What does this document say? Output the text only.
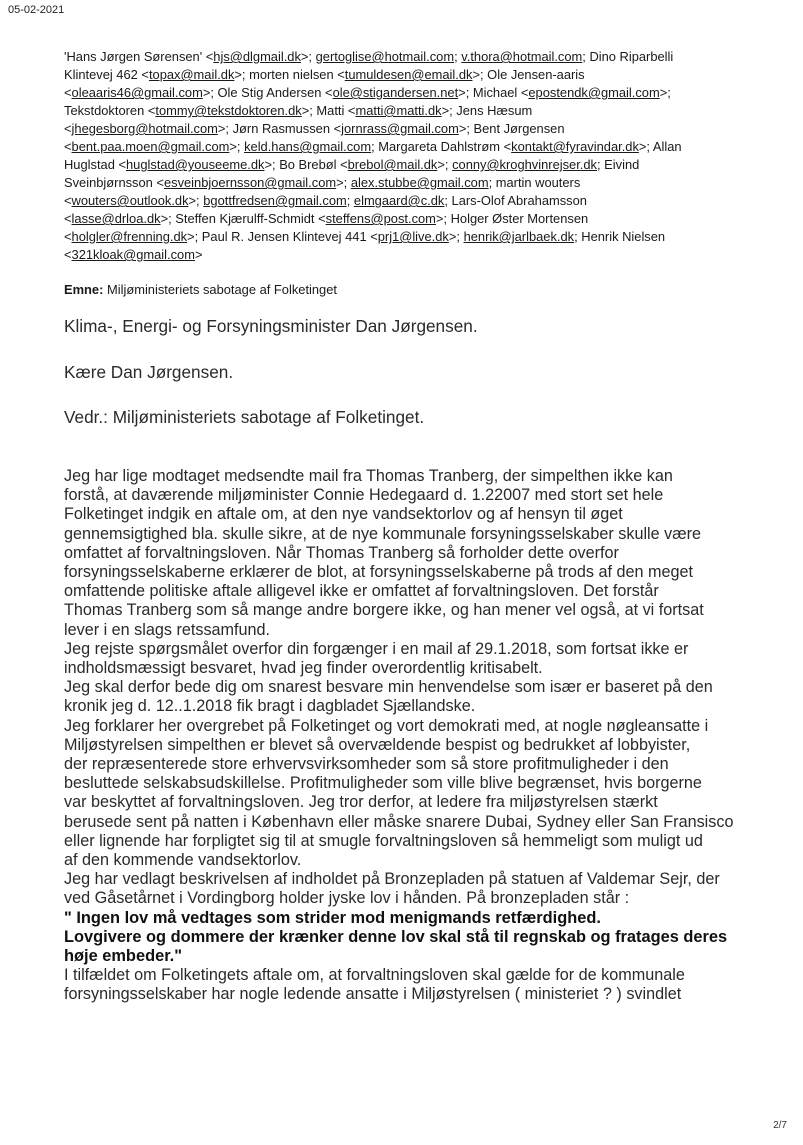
05-02-2021
'Hans Jørgen Sørensen' <hjs@dlgmail.dk>; gertoglise@hotmail.com; v.thora@hotmail.com; Dino Riparbelli
Klintevej 462 <topax@mail.dk>; morten nielsen <tumuldesen@email.dk>; Ole Jensen-aaris
<oleaaris46@gmail.com>; Ole Stig Andersen <ole@stigandersen.net>; Michael <epostendk@gmail.com>;
Tekstdoktoren <tommy@tekstdoktoren.dk>; Matti <matti@matti.dk>; Jens Hæsum
<jhegesborg@hotmail.com>; Jørn Rasmussen <jornrass@gmail.com>; Bent Jørgensen
<bent.paa.moen@gmail.com>; keld.hans@gmail.com; Margareta Dahlstrøm <kontakt@fyravindar.dk>; Allan
Huglstad <huglstad@youseeme.dk>; Bo Brebøl <brebol@mail.dk>; conny@kroghvinrejser.dk; Eivind
Sveinbjørnsson <esveinbjoernsson@gmail.com>; alex.stubbe@gmail.com; martin wouters
<wouters@outlook.dk>; bgottfredsen@gmail.com; elmgaard@c.dk; Lars-Olof Abrahamsson
<lasse@drloa.dk>; Steffen Kjærulff-Schmidt <steffens@post.com>; Holger Øster Mortensen
<holgler@frenning.dk>; Paul R. Jensen Klintevej 441 <prj1@live.dk>; henrik@jarlbaek.dk; Henrik Nielsen
<321kloak@gmail.com>
Emne: Miljøministeriets sabotage af Folketinget
Klima-, Energi- og Forsyningsminister Dan Jørgensen.
Kære Dan Jørgensen.
Vedr.: Miljøministeriets sabotage af Folketinget.
Jeg har lige modtaget medsendte mail fra Thomas Tranberg, der simpelthen ikke kan
forstå, at daværende miljøminister Connie Hedegaard d. 1.22007 med stort set hele
Folketinget indgik en aftale om, at den nye vandsektorlov og af hensyn til øget
gennemsigtighed bla. skulle sikre, at de nye kommunale forsyningsselskaber skulle være
omfattet af forvaltningsloven. Når Thomas Tranberg så forholder dette overfor
forsyningsselskaberne erklærer de blot, at forsyningsselskaberne på trods af den meget
omfattende politiske aftale alligevel ikke er omfattet af forvaltningsloven. Det forstår
Thomas Tranberg som så mange andre borgere ikke, og han mener vel også, at vi fortsat
lever i en slags retssamfund.
Jeg rejste spørgsmålet overfor din forgænger i en mail af 29.1.2018, som fortsat ikke er
indholdsmæssigt besvaret, hvad jeg finder overordentlig kritisabelt.
Jeg skal derfor bede dig om snarest besvare min henvendelse som især er baseret på den
kronik jeg d. 12..1.2018 fik bragt i dagbladet Sjællandske.
Jeg forklarer her overgrebet på Folketinget og vort demokrati med, at nogle nøgleansatte i
Miljøstyrelsen simpelthen er blevet så overvældende bespist og bedrukket af lobbyister,
der repræsenterede store erhvervsvirksomheder som så store profitmuligheder i den
besluttede selskabsudskillelse. Profitmuligheder som ville blive begrænset, hvis borgerne
var beskyttet af forvaltningsloven. Jeg tror derfor, at ledere fra miljøstyrelsen stærkt
berusede sent på natten i København eller måske snarere Dubai, Sydney eller San Fransisco
eller lignende har forpligtet sig til at smugle forvaltningsloven så hemmeligt som muligt ud
af den kommende vandsektorlov.
Jeg har vedlagt beskrivelsen af indholdet på Bronzepladen på statuen af Valdemar Sejr, der
ved Gåsetårnet i Vordingborg holder jyske lov i hånden. På bronzepladen står :
" Ingen lov må vedtages som strider mod menigmands retfærdighed.
Lovgivere og dommere der krænker denne lov skal stå til regnskab og fratages deres
høje embeder."
I tilfældet om Folketingets aftale om, at forvaltningsloven skal gælde for de kommunale
forsyningsselskaber har nogle ledende ansatte i Miljøstyrelsen ( ministeriet ? ) svindlet
2/7
